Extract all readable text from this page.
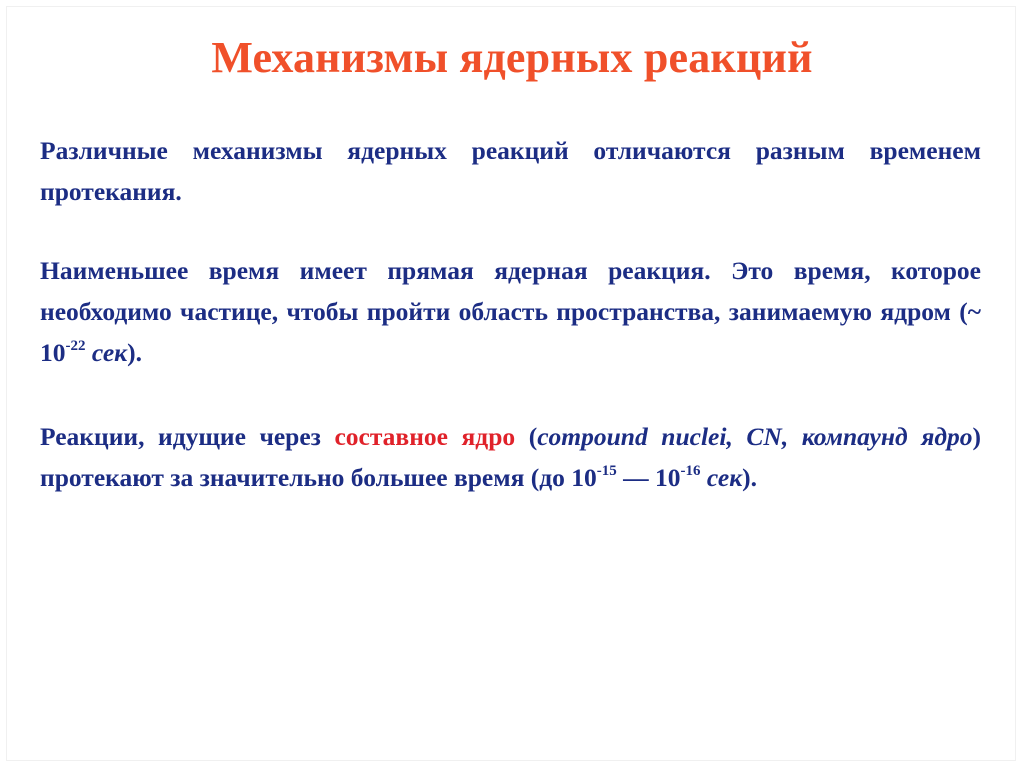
Механизмы ядерных реакций
Различные механизмы ядерных реакций отличаются разным временем протекания.
Наименьшее время имеет прямая ядерная реакция. Это время, которое необходимо частице, чтобы пройти область пространства, занимаемую ядром (~ $10^{-22}$ сек).
Реакции, идущие через составное ядро (compound nuclei, CN, компаунд ядро) протекают за значительно большее время (до $10^{-15}$ — $10^{-16}$ сек).
